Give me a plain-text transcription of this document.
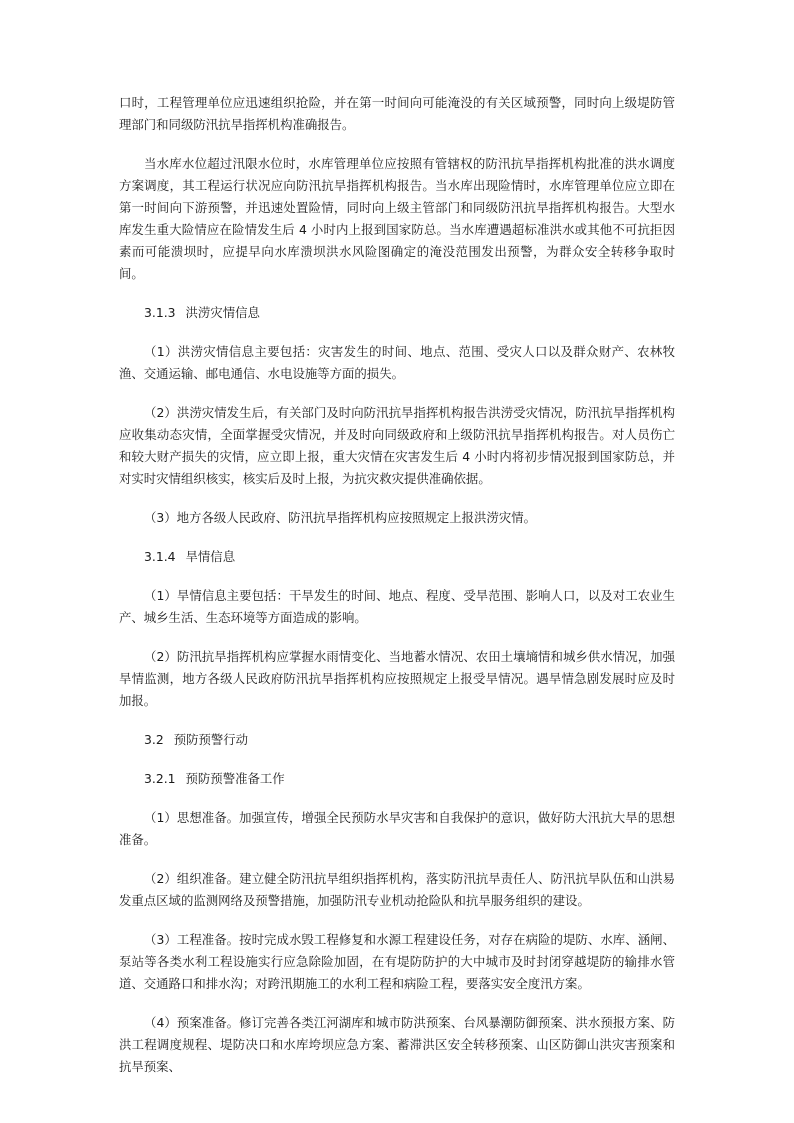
口时，工程管理单位应迅速组织抢险，并在第一时间向可能淹没的有关区域预警，同时向上级堤防管理部门和同级防汛抗旱指挥机构准确报告。

当水库水位超过汛限水位时，水库管理单位应按照有管辖权的防汛抗旱指挥机构批准的洪水调度方案调度，其工程运行状况应向防汛抗旱指挥机构报告。当水库出现险情时，水库管理单位应立即在第一时间向下游预警，并迅速处置险情，同时向上级主管部门和同级防汛抗旱指挥机构报告。大型水库发生重大险情应在险情发生后 4 小时内上报到国家防总。当水库遭遇超标准洪水或其他不可抗拒因素而可能溃坝时，应提早向水库溃坝洪水风险图确定的淹没范围发出预警，为群众安全转移争取时间。

3.1.3 洪涝灾情信息

（1）洪涝灾情信息主要包括：灾害发生的时间、地点、范围、受灾人口以及群众财产、农林牧渔、交通运输、邮电通信、水电设施等方面的损失。

（2）洪涝灾情发生后，有关部门及时向防汛抗旱指挥机构报告洪涝受灾情况，防汛抗旱指挥机构应收集动态灾情，全面掌握受灾情况，并及时向同级政府和上级防汛抗旱指挥机构报告。对人员伤亡和较大财产损失的灾情，应立即上报，重大灾情在灾害发生后 4 小时内将初步情况报到国家防总，并对实时灾情组织核实，核实后及时上报，为抗灾救灾提供准确依据。

（3）地方各级人民政府、防汛抗旱指挥机构应按照规定上报洪涝灾情。

3.1.4 旱情信息

（1）旱情信息主要包括：干旱发生的时间、地点、程度、受旱范围、影响人口，以及对工农业生产、城乡生活、生态环境等方面造成的影响。

（2）防汛抗旱指挥机构应掌握水雨情变化、当地蓄水情况、农田土壤墒情和城乡供水情况，加强旱情监测，地方各级人民政府防汛抗旱指挥机构应按照规定上报受旱情况。遇旱情急剧发展时应及时加报。

3.2 预防预警行动
3.2.1 预防预警准备工作

（1）思想准备。加强宣传，增强全民预防水旱灾害和自我保护的意识，做好防大汛抗大旱的思想准备。

（2）组织准备。建立健全防汛抗旱组织指挥机构，落实防汛抗旱责任人、防汛抗旱队伍和山洪易发重点区域的监测网络及预警措施，加强防汛专业机动抢险队和抗旱服务组织的建设。

（3）工程准备。按时完成水毁工程修复和水源工程建设任务，对存在病险的堤防、水库、涵闸、泵站等各类水利工程设施实行应急除险加固，在有堤防防护的大中城市及时封闭穿越堤防的输排水管道、交通路口和排水沟；对跨汛期施工的水利工程和病险工程，要落实安全度汛方案。

（4）预案准备。修订完善各类江河湖库和城市防洪预案、台风暴潮防御预案、洪水预报方案、防洪工程调度规程、堤防决口和水库垮坝应急方案、蓄滞洪区安全转移预案、山区防御山洪灾害预案和抗旱预案、
